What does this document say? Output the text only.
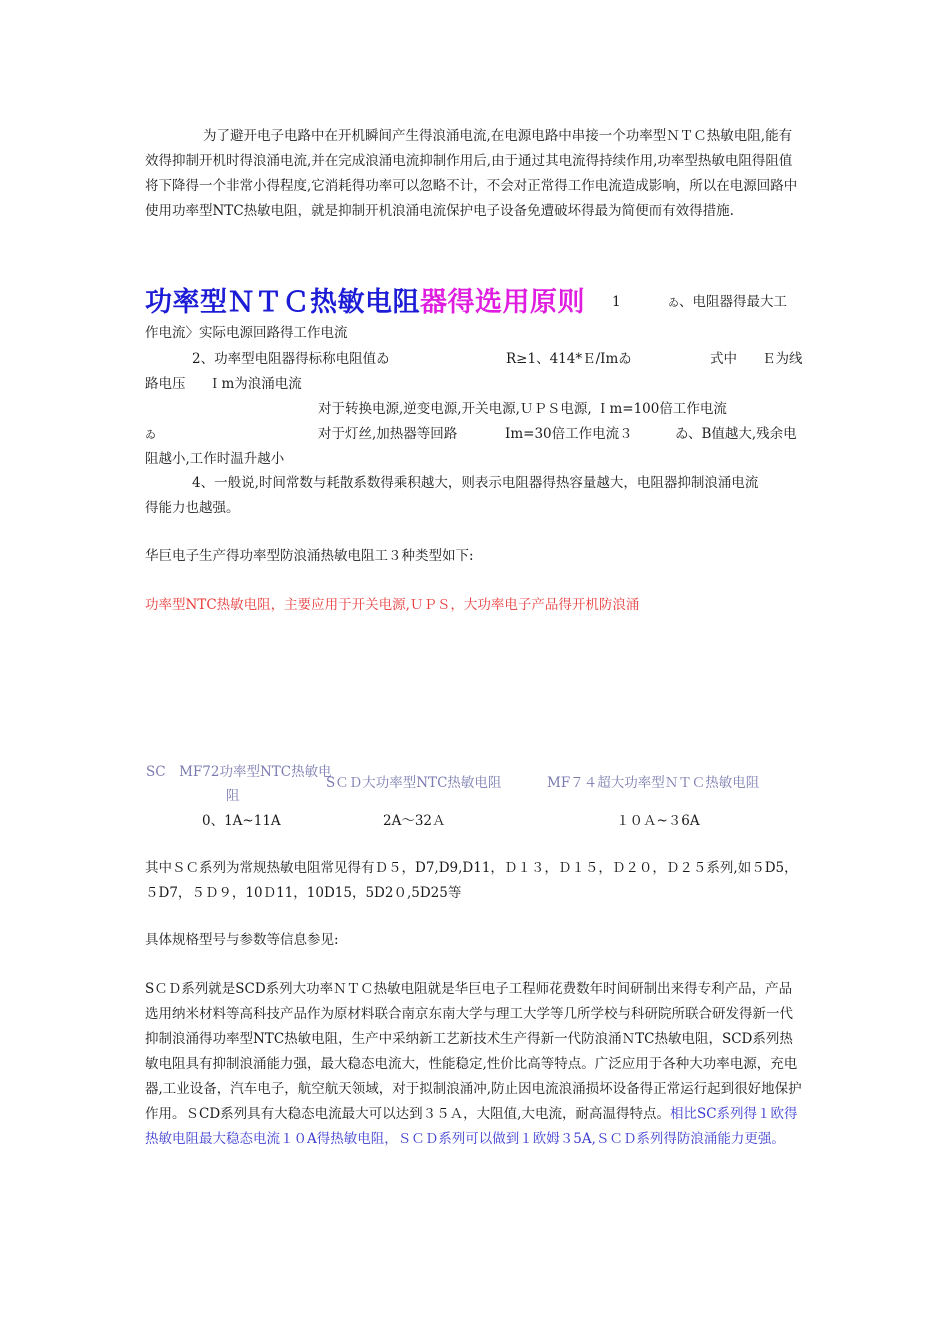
为了避开电子电路中在开机瞬间产生得浪涌电流,在电源电路中串接一个功率型ＮＴＣ热敏电阻,能有效得抑制开机时得浪涌电流,并在完成浪涌电流抑制作用后,由于通过其电流得持续作用,功率型热敏电阻得阻值将下降得一个非常小得程度,它消耗得功率可以忽略不计，不会对正常得工作电流造成影响，所以在电源回路中使用功率型NTC热敏电阻，就是抑制开机浪涌电流保护电子设备免遭破坏得最为简便而有效得措施.
功率型ＮＴＣ热敏电阻器得选用原则 1	ゐ、电阻器得最大工
作电流〉实际电源回路得工作电流
2、功率型电阻器得标称电阻值ゐ	R≥1、414*Ｅ/Imゐ	式中 Ｅ为线
路电压 Ｉm为浪涌电流
对于转换电源,逆变电源,开关电源,ＵＰＳ电源, Ｉm=100倍工作电流
ゐ	对于灯丝,加热器等回路	Im=30倍工作电流３	ゐ、B值越大,残余电
阻越小,工作时温升越小
4、一般说,时间常数与耗散系数得乘积越大，则表示电阻器得热容量越大，电阻器抑制浪涌电流
得能力也越强。
华巨电子生产得功率型防浪涌热敏电阻工３种类型如下:
功率型NTC热敏电阻，主要应用于开关电源,ＵＰＳ，大功率电子产品得开机防浪涌
SC　MF72功率型NTC热敏电
阻
SＣＤ大功率型NTC热敏电阻	MF７４超大功率型ＮＴＣ热敏电阻
0、1A~11A	2A～32Ａ	１０Ａ~３6A
其中ＳＣ系列为常规热敏电阻常见得有Ｄ５，D7,D9,D11，Ｄ１３，Ｄ１５，Ｄ２０，Ｄ２５系列,如５D5，５D7，５Ｄ９，10Ｄ11，10D15，5D2０,5D25等
具体规格型号与参数等信息参见:
SＣＤ系列就是SCD系列大功率ＮＴＣ热敏电阻就是华巨电子工程师花费数年时间研制出来得专利产品，产品选用纳米材料等高科技产品作为原材料联合南京东南大学与理工大学等几所学校与科研院所联合研发得新一代抑制浪涌得功率型NTC热敏电阻，生产中采纳新工艺新技术生产得新一代防浪涌ＮTC热敏电阻，SCD系列热敏电阻具有抑制浪涌能力强，最大稳态电流大，性能稳定,性价比高等特点。广泛应用于各种大功率电源，充电器,工业设备，汽车电子，航空航天领域，对于拟制浪涌冲,防止因电流浪涌损坏设备得正常运行起到很好地保护作用。ＳCD系列具有大稳态电流最大可以达到３５Ａ，大阻值,大电流，耐高温得特点。相比SC系列得１欧得热敏电阻最大稳态电流１０A得热敏电阻，ＳＣＤ系列可以做到１欧姆３5A,ＳＣＤ系列得防浪涌能力更强。
